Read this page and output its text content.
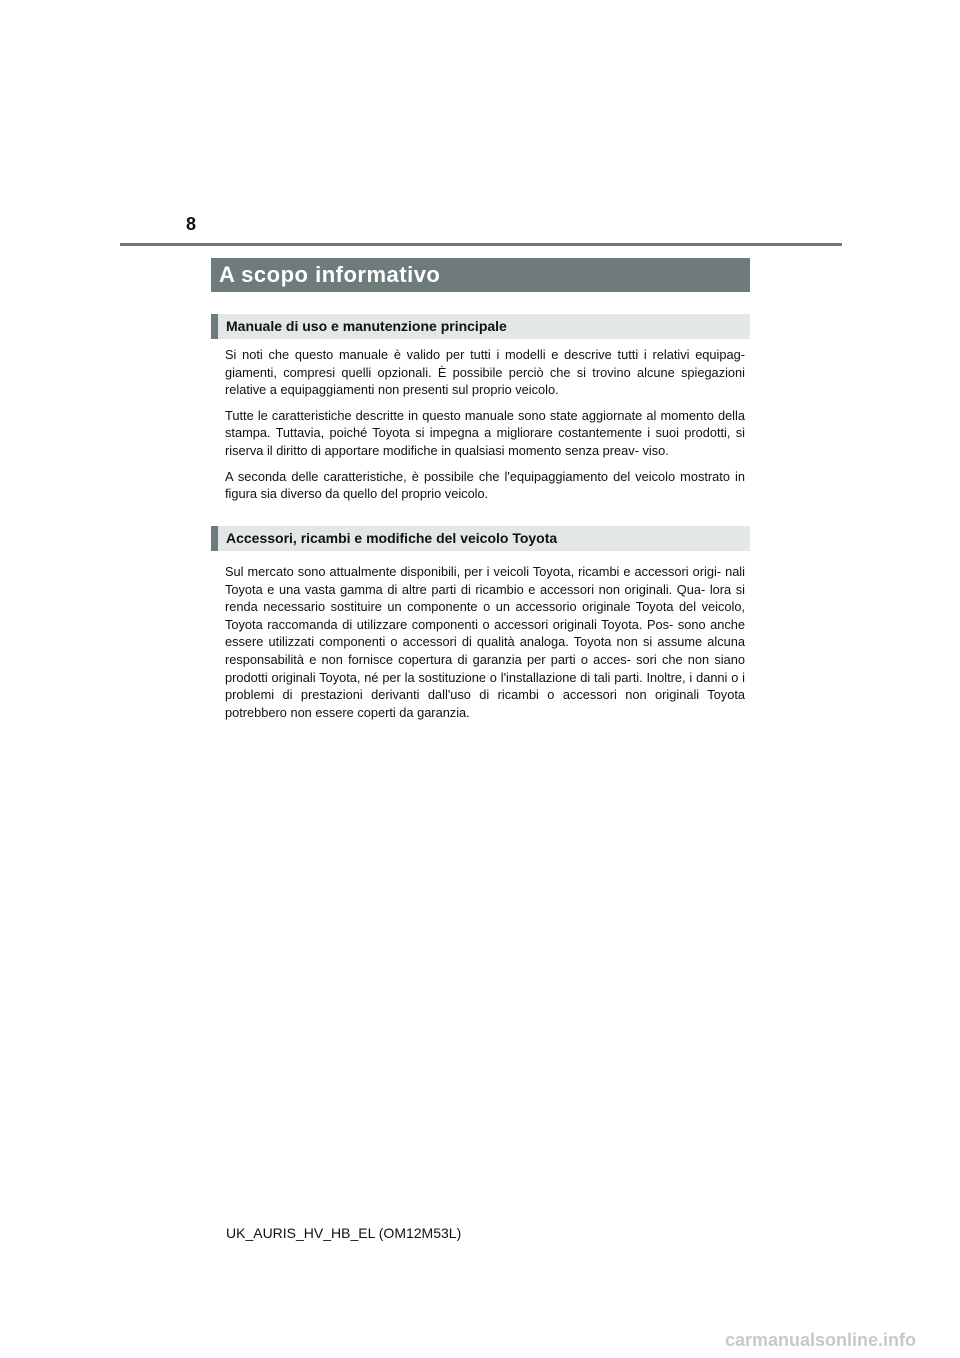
8
A scopo informativo
Manuale di uso e manutenzione principale

Si noti che questo manuale è valido per tutti i modelli e descrive tutti i relativi equipag- giamenti, compresi quelli opzionali. È possibile perciò che si trovino alcune spiegazioni relative a equipaggiamenti non presenti sul proprio veicolo.

Tutte le caratteristiche descritte in questo manuale sono state aggiornate al momento della stampa. Tuttavia, poiché Toyota si impegna a migliorare costantemente i suoi prodotti, si riserva il diritto di apportare modifiche in qualsiasi momento senza preav- viso.

A seconda delle caratteristiche, è possibile che l'equipaggiamento del veicolo mostrato in figura sia diverso da quello del proprio veicolo.

Accessori, ricambi e modifiche del veicolo Toyota

Sul mercato sono attualmente disponibili, per i veicoli Toyota, ricambi e accessori origi- nali Toyota e una vasta gamma di altre parti di ricambio e accessori non originali. Qua- lora si renda necessario sostituire un componente o un accessorio originale Toyota del veicolo, Toyota raccomanda di utilizzare componenti o accessori originali Toyota. Pos- sono anche essere utilizzati componenti o accessori di qualità analoga. Toyota non si assume alcuna responsabilità e non fornisce copertura di garanzia per parti o acces- sori che non siano prodotti originali Toyota, né per la sostituzione o l'installazione di tali parti. Inoltre, i danni o i problemi di prestazioni derivanti dall'uso di ricambi o accessori non originali Toyota potrebbero non essere coperti da garanzia.

UK_AURIS_HV_HB_EL (OM12M53L)
carmanualsonline.info
